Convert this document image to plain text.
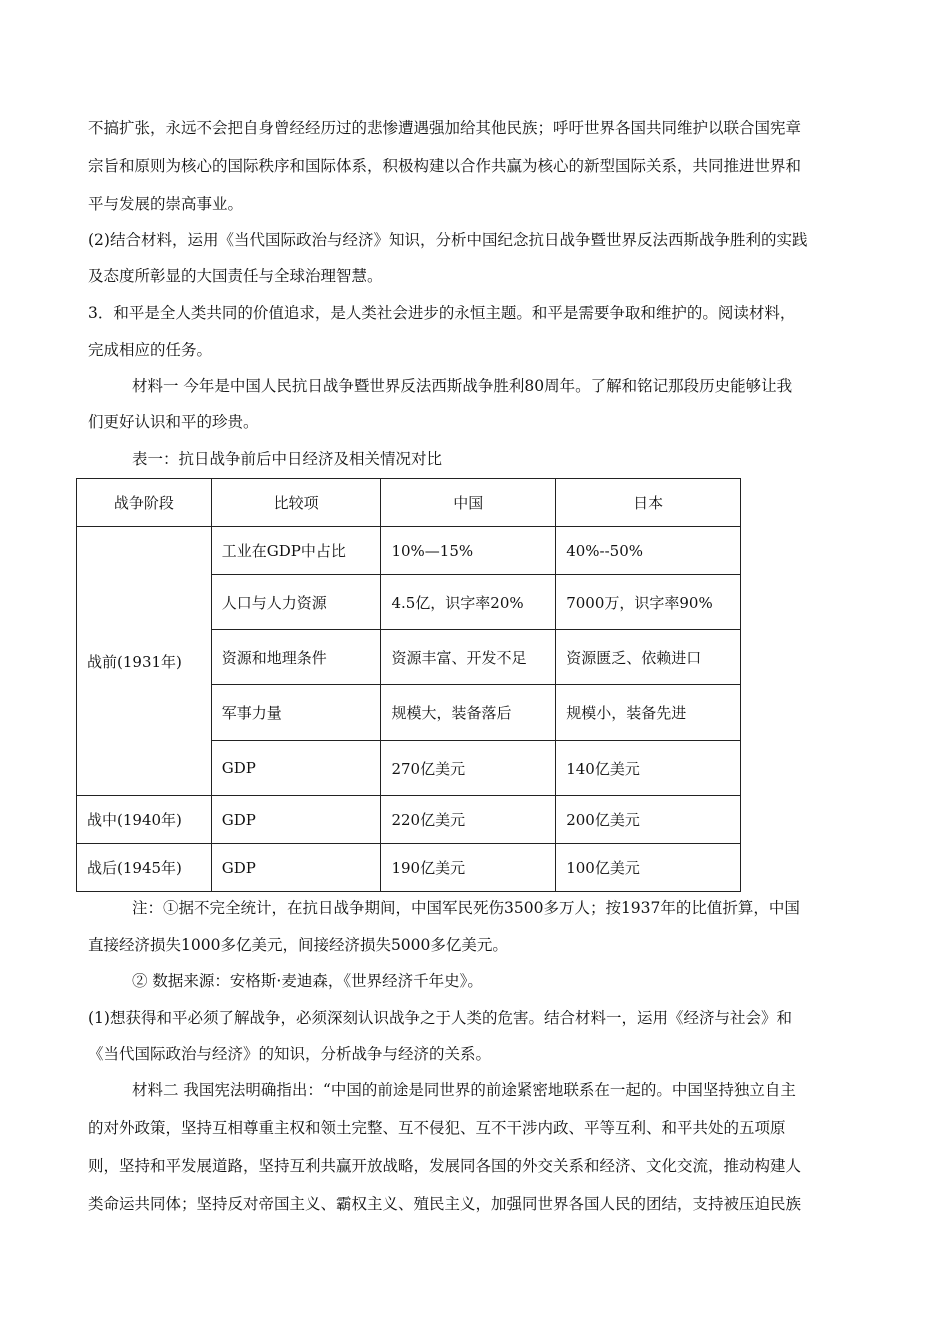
不搞扩张，永远不会把自身曾经经历过的悲惨遭遇强加给其他民族；呼吁世界各国共同维护以联合国宪章
宗旨和原则为核心的国际秩序和国际体系，积极构建以合作共赢为核心的新型国际关系，共同推进世界和
平与发展的崇高事业。
(2)结合材料，运用《当代国际政治与经济》知识，分析中国纪念抗日战争暨世界反法西斯战争胜利的实践
及态度所彰显的大国责任与全球治理智慧。
3．和平是全人类共同的价值追求，是人类社会进步的永恒主题。和平是需要争取和维护的。阅读材料，
完成相应的任务。
材料一 今年是中国人民抗日战争暨世界反法西斯战争胜利80周年。了解和铭记那段历史能够让我
们更好认识和平的珍贵。
表一：抗日战争前后中日经济及相关情况对比
战争阶段	比较项	中国	日本
战前(1931年)	工业在GDP中占比	10%—15%	40%--50%
	人口与人力资源	4.5亿，识字率20%	7000万，识字率90%
	资源和地理条件	资源丰富、开发不足	资源匮乏、依赖进口
	军事力量	规模大，装备落后	规模小，装备先进
	GDP	270亿美元	140亿美元
战中(1940年)	GDP	220亿美元	200亿美元
战后(1945年)	GDP	190亿美元	100亿美元
注：①据不完全统计，在抗日战争期间，中国军民死伤3500多万人；按1937年的比值折算，中国
直接经济损失1000多亿美元，间接经济损失5000多亿美元。
② 数据来源：安格斯·麦迪森，《世界经济千年史》。
(1)想获得和平必须了解战争，必须深刻认识战争之于人类的危害。结合材料一，运用《经济与社会》和
《当代国际政治与经济》的知识，分析战争与经济的关系。
材料二 我国宪法明确指出：“中国的前途是同世界的前途紧密地联系在一起的。中国坚持独立自主
的对外政策，坚持互相尊重主权和领土完整、互不侵犯、互不干涉内政、平等互利、和平共处的五项原
则，坚持和平发展道路，坚持互利共赢开放战略，发展同各国的外交关系和经济、文化交流，推动构建人
类命运共同体；坚持反对帝国主义、霸权主义、殖民主义，加强同世界各国人民的团结，支持被压迫民族
